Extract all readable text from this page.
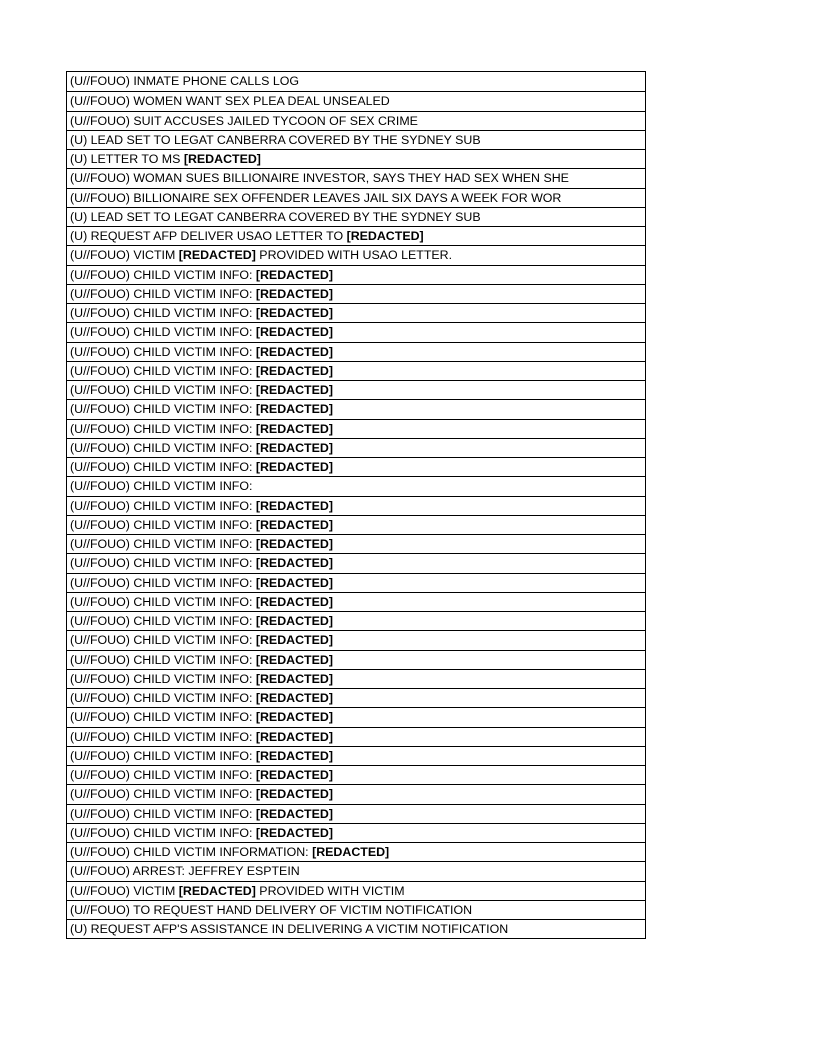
(U//FOUO) INMATE PHONE CALLS LOG
(U//FOUO) WOMEN WANT SEX PLEA DEAL UNSEALED
(U//FOUO) SUIT ACCUSES JAILED TYCOON OF SEX CRIME
(U) LEAD SET TO LEGAT CANBERRA COVERED BY THE SYDNEY SUB
(U) LETTER TO MS [REDACTED]
(U//FOUO) WOMAN SUES BILLIONAIRE INVESTOR, SAYS THEY HAD SEX WHEN SHE
(U//FOUO) BILLIONAIRE SEX OFFENDER LEAVES JAIL SIX DAYS A WEEK FOR WOR
(U) LEAD SET TO LEGAT CANBERRA COVERED BY THE SYDNEY SUB
(U) REQUEST AFP DELIVER USAO LETTER TO [REDACTED]
(U//FOUO) VICTIM [REDACTED] PROVIDED WITH USAO LETTER.
(U//FOUO) CHILD VICTIM INFO: [REDACTED]
(U//FOUO) CHILD VICTIM INFO: [REDACTED]
(U//FOUO) CHILD VICTIM INFO: [REDACTED]
(U//FOUO) CHILD VICTIM INFO: [REDACTED]
(U//FOUO) CHILD VICTIM INFO: [REDACTED]
(U//FOUO) CHILD VICTIM INFO: [REDACTED]
(U//FOUO) CHILD VICTIM INFO: [REDACTED]
(U//FOUO) CHILD VICTIM INFO: [REDACTED]
(U//FOUO) CHILD VICTIM INFO: [REDACTED]
(U//FOUO) CHILD VICTIM INFO: [REDACTED]
(U//FOUO) CHILD VICTIM INFO: [REDACTED]
(U//FOUO) CHILD VICTIM INFO:
(U//FOUO) CHILD VICTIM INFO: [REDACTED]
(U//FOUO) CHILD VICTIM INFO: [REDACTED]
(U//FOUO) CHILD VICTIM INFO: [REDACTED]
(U//FOUO) CHILD VICTIM INFO: [REDACTED]
(U//FOUO) CHILD VICTIM INFO: [REDACTED]
(U//FOUO) CHILD VICTIM INFO: [REDACTED]
(U//FOUO) CHILD VICTIM INFO: [REDACTED]
(U//FOUO) CHILD VICTIM INFO: [REDACTED]
(U//FOUO) CHILD VICTIM INFO: [REDACTED]
(U//FOUO) CHILD VICTIM INFO: [REDACTED]
(U//FOUO) CHILD VICTIM INFO: [REDACTED]
(U//FOUO) CHILD VICTIM INFO: [REDACTED]
(U//FOUO) CHILD VICTIM INFO: [REDACTED]
(U//FOUO) CHILD VICTIM INFO: [REDACTED]
(U//FOUO) CHILD VICTIM INFO: [REDACTED]
(U//FOUO) CHILD VICTIM INFO: [REDACTED]
(U//FOUO) CHILD VICTIM INFO: [REDACTED]
(U//FOUO) CHILD VICTIM INFO: [REDACTED]
(U//FOUO) CHILD VICTIM INFORMATION: [REDACTED]
(U//FOUO) ARREST: JEFFREY ESPTEIN
(U//FOUO) VICTIM [REDACTED] PROVIDED WITH VICTIM
(U//FOUO) TO REQUEST HAND DELIVERY OF VICTIM NOTIFICATION
(U) REQUEST AFP'S ASSISTANCE IN DELIVERING A VICTIM NOTIFICATION
